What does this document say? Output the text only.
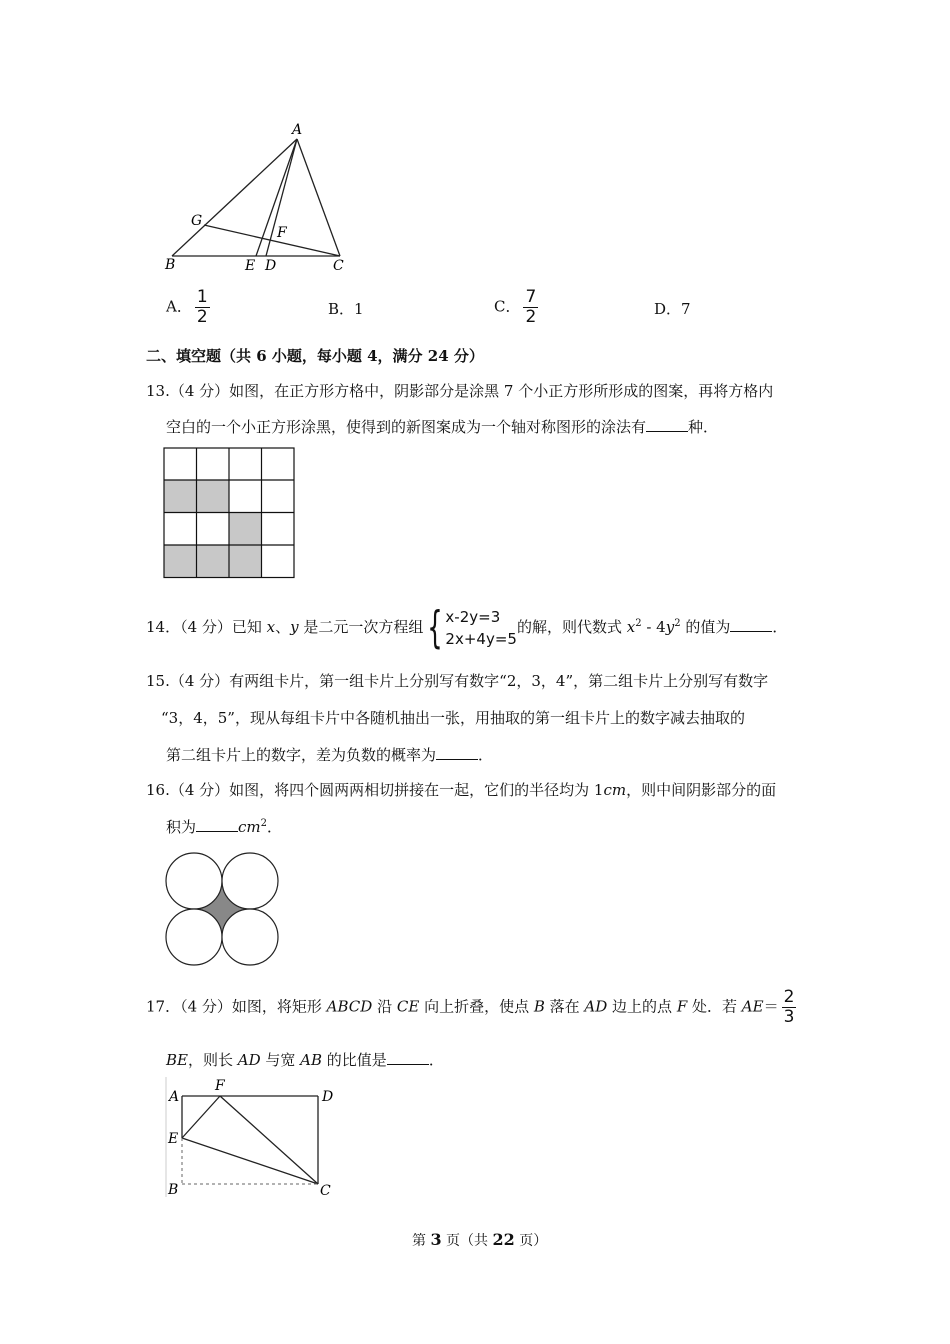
A
G
F
B	E D	C
A． $\frac{1}{2}$	B．1	C． $\frac{7}{2}$	D．7
二、填空题（共 6 小题，每小题 4，满分 24 分）
13.（4 分）如图，在正方形方格中，阴影部分是涂黑 7 个小正方形所形成的图案，再将方格内
空白的一个小正方形涂黑，使得到的新图案成为一个轴对称图形的涂法有	种．
14．（4 分）已知 x、y 是二元一次方程组{ x-2y=3
2x+4y=5
的解，则代数式 $x^2 - 4y^2$ 的值为	．
15.（4 分）有两组卡片，第一组卡片上分别写有数字“2，3，4”，第二组卡片上分别写有数字
“3，4，5”，现从每组卡片中各随机抽出一张，用抽取的第一组卡片上的数字减去抽取的
第二组卡片上的数字，差为负数的概率为	．
16.（4 分）如图，将四个圆两两相切拼接在一起，它们的半径均为 1cm，则中间阴影部分的面
积为	$cm^2$．
17．（4 分）如图，将矩形 ABCD 沿 CE 向上折叠，使点 B 落在 AD 边上的点 F 处．若 $AE= \frac{2}{3}$
BE，则长 AD 与宽 AB 的比值是	．
A
F
D
E
B	C
第 3 页（共 22 页）
